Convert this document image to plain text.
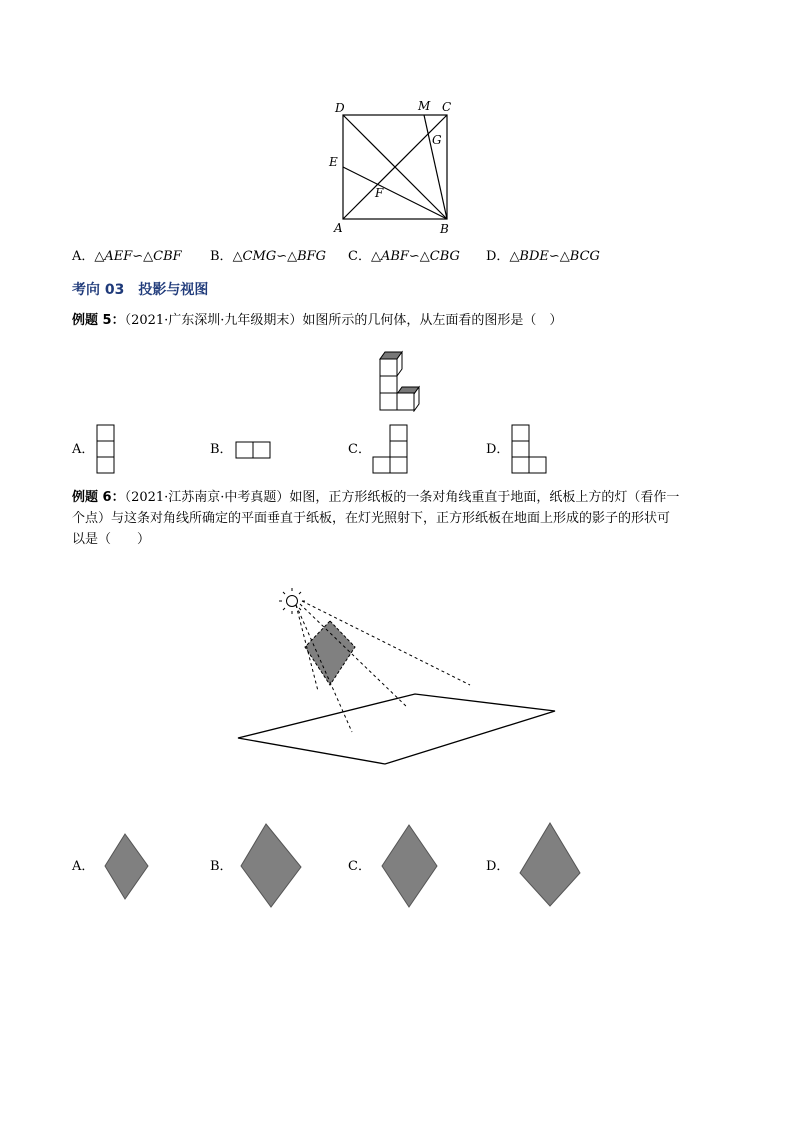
D	M C
G
E
F
A	B
A．△AEF∽△CBF B．△CMG∽△BFG C．△ABF∽△CBG D．△BDE∽△BCG
考向 03　投影与视图
例题 5：（2021·广东深圳·九年级期末）如图所示的几何体，从左面看的图形是（　）
A．	B．	C．	D．
例题 6：（2021·江苏南京·中考真题）如图，正方形纸板的一条对角线重直于地面，纸板上方的灯（看作一
个点）与这条对角线所确定的平面垂直于纸板，在灯光照射下，正方形纸板在地面上形成的影子的形状可
以是（　　）
A．	B．	C．	D．
